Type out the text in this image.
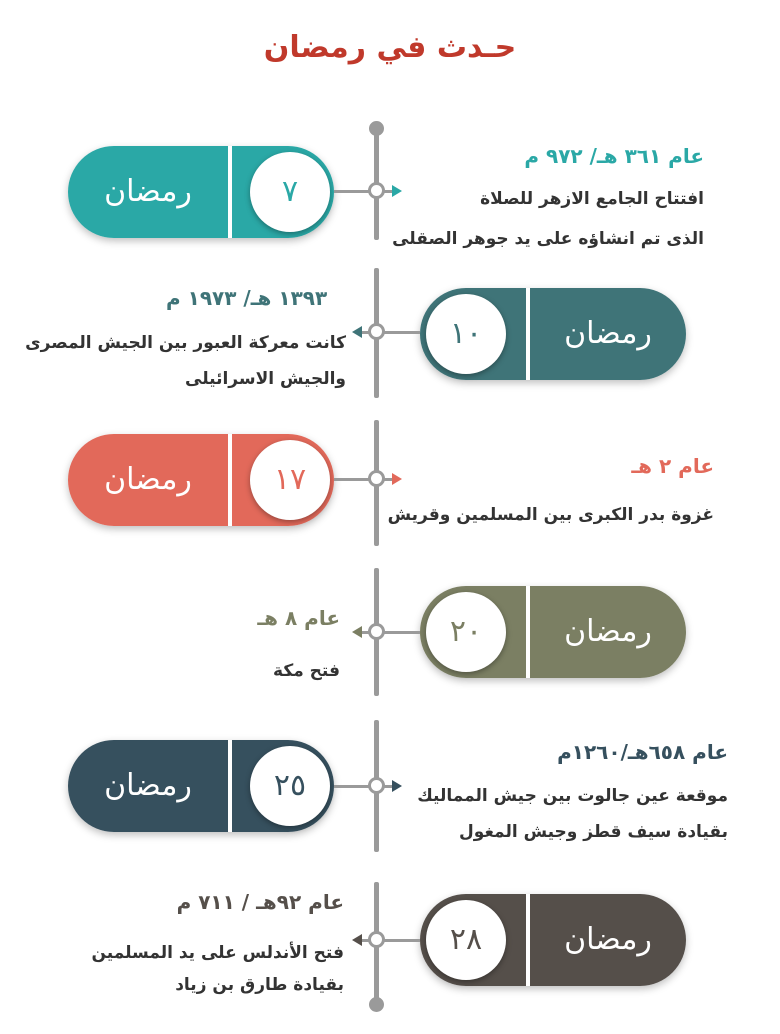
حـدث في رمضان
رمضان	٧
عام ٣٦١ هـ/ ٩٧٢ م
افتتاح الجامع الازهر للصلاة
الذى تم انشاؤه على يد جوهر الصقلى
رمضان
١٠
١٣٩٣ هـ/ ١٩٧٣ م
كانت معركة العبور بين الجيش المصرى
والجيش الاسرائيلى
رمضان	١٧	عام ٢ هـ
غزوة بدر الكبرى بين المسلمين وقريش
رمضان
٢٠
عام ٨ هـ
فتح مكة
رمضان	٢٥
عام ٦٥٨هـ/١٢٦٠م
موقعة عين جالوت بين جيش المماليك
بقيادة سيف قطز وجيش المغول
رمضان
٢٨
عام ٩٢هـ / ٧١١ م
فتح الأندلس على يد المسلمين
بقيادة طارق بن زياد
